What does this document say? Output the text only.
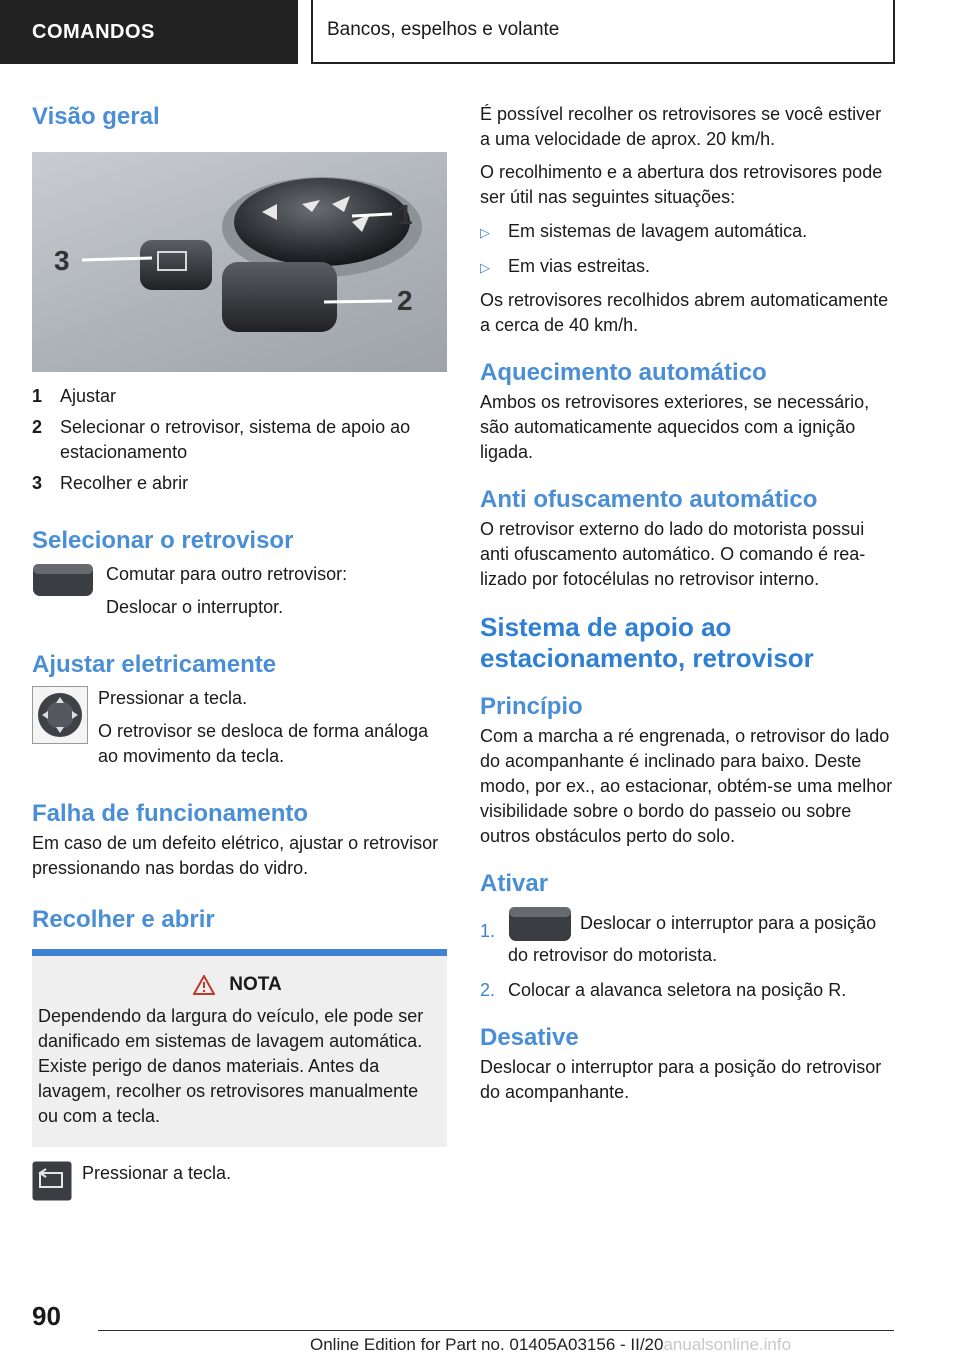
COMANDOS	Bancos, espelhos e volante
Visão geral
1
2
3
1 Ajustar
2 Selecionar o retrovisor, sistema de apoio ao estacionamento
3 Recolher e abrir
Selecionar o retrovisor

Comutar para outro retrovisor:

Deslocar o interruptor.

Ajustar eletricamente

Pressionar a tecla.

O retrovisor se desloca de forma análoga ao movimento da tecla.

Falha de funcionamento

Em caso de um defeito elétrico, ajustar o retrovisor pressionando nas bordas do vidro.

Recolher e abrir
NOTA

Dependendo da largura do veículo, ele pode ser danificado em sistemas de lavagem automática. Existe perigo de danos materiais. Antes da lavagem, recolher os retrovisores manualmente ou com a tecla.

Pressionar a tecla.

É possível recolher os retrovisores se você estiver a uma velocidade de aprox. 20 km/h.

O recolhimento e a abertura dos retrovisores pode ser útil nas seguintes situações:

▷	Em sistemas de lavagem automática.
▷	Em vias estreitas.

Os retrovisores recolhidos abrem automaticamente a cerca de 40 km/h.

Aquecimento automático

Ambos os retrovisores exteriores, se necessário, são automaticamente aquecidos com a ignição ligada.

Anti ofuscamento automático

O retrovisor externo do lado do motorista possui anti ofuscamento automático. O comando é realizado por fotocélulas no retrovisor interno.

Sistema de apoio ao estacionamento, retrovisor
Princípio

Com a marcha a ré engrenada, o retrovisor do lado do acompanhante é inclinado para baixo. Deste modo, por ex., ao estacionar, obtém-se uma melhor visibilidade sobre o bordo do passeio ou sobre outros obstáculos perto do solo.

Ativar
1.	Deslocar o interruptor para a posição do retrovisor do motorista.
2. Colocar a alavanca seletora na posição R.
Desative

Deslocar o interruptor para a posição do retrovisor do acompanhante.

90
Online Edition for Part no. 01405A03156 - II/20anualsonline.info
